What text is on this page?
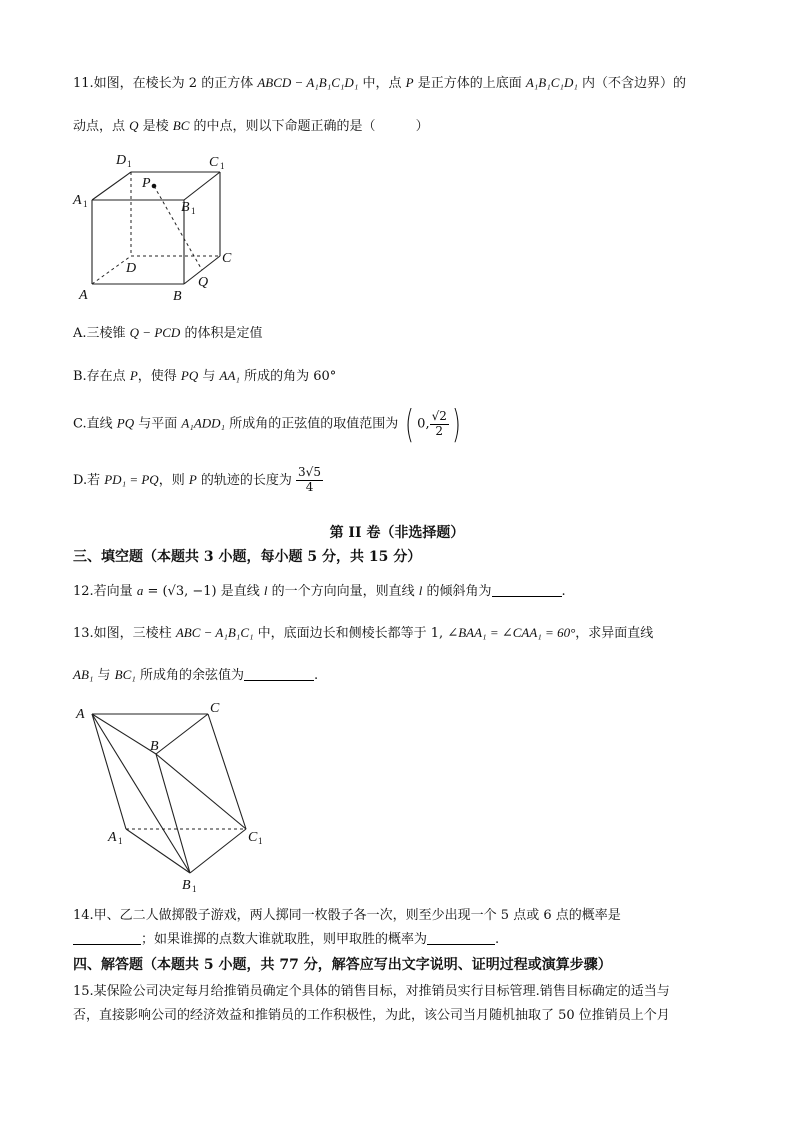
11.如图，在棱长为 2 的正方体 ABCD − A₁B₁C₁D₁ 中，点 P 是正方体的上底面 A₁B₁C₁D₁ 内（不含边界）的
动点，点 Q 是棱 BC 的中点，则以下命题正确的是（	）
D 1	C 1
A 1
P
B 1
D
C
A	B
Q
A.三棱锥 Q − PCD 的体积是定值
B.存在点 P，使得 PQ 与 AA₁ 所成的角为 60°
C.直线 PQ 与平面 A₁ADD₁ 所成角的正弦值的取值范围为 ( 0, $\frac{√2}{2}$ )
D.若 PD₁ = PQ，则 P 的轨迹的长度为 $\frac{3√5}{4}$
第 II 卷（非选择题）
三、填空题（本题共 3 小题，每小题 5 分，共 15 分）
12.若向量 a = (√3, −1) 是直线 l 的一个方向向量，则直线 l 的倾斜角为	.
13.如图，三棱柱 ABC − A₁B₁C₁ 中，底面边长和侧棱长都等于 1, ∠BAA₁ = ∠CAA₁ = 60°，求异面直线
AB₁ 与 BC₁ 所成角的余弦值为	.
A	C
B
A 1	C 1
B 1
14.甲、乙二人做掷骰子游戏，两人掷同一枚骰子各一次，则至少出现一个 5 点或 6 点的概率是
；如果谁掷的点数大谁就取胜，则甲取胜的概率为	.
四、解答题（本题共 5 小题，共 77 分，解答应写出文字说明、证明过程或演算步骤）
15.某保险公司决定每月给推销员确定个具体的销售目标，对推销员实行目标管理.销售目标确定的适当与
否，直接影响公司的经济效益和推销员的工作积极性，为此，该公司当月随机抽取了 50 位推销员上个月
